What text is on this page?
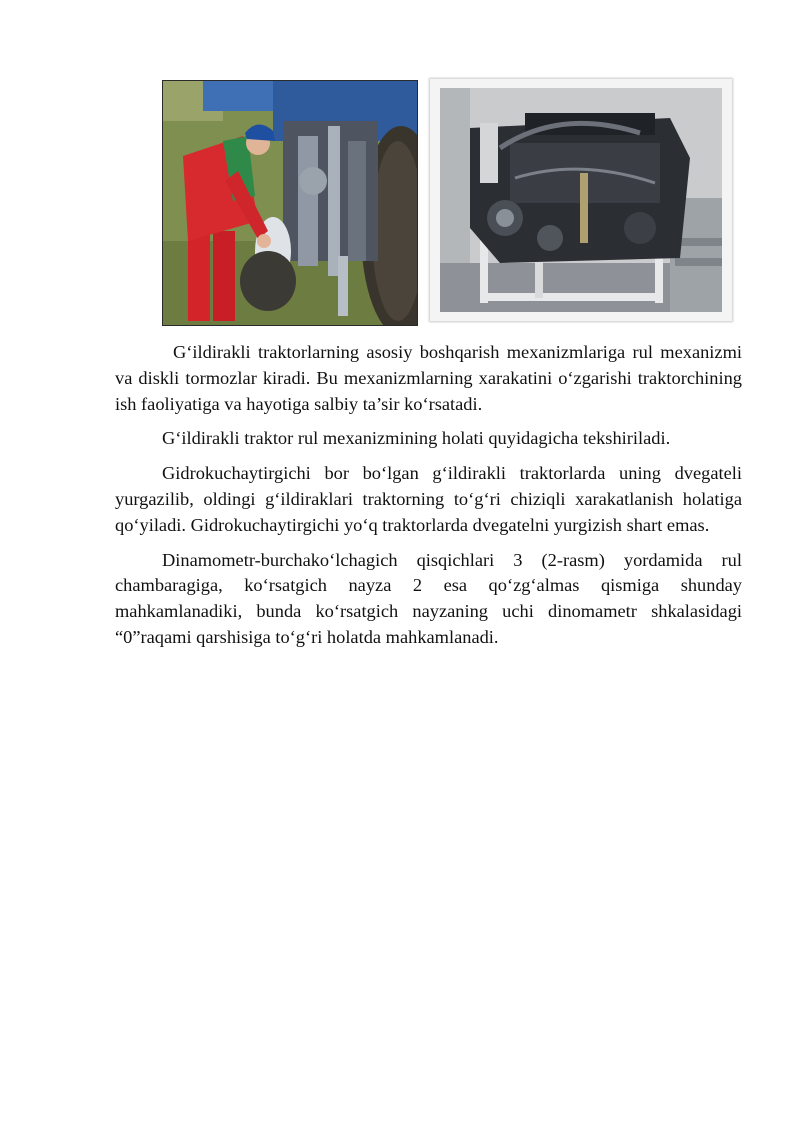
G‘ildirakli traktorlarning asosiy boshqarish mexanizmlariga rul mexanizmi va diskli tormozlar kiradi. Bu mexanizmlarning xarakatini o‘zgarishi traktorchining ish faoliyatiga va hayotiga salbiy ta’sir ko‘rsatadi.

G‘ildirakli traktor rul mexanizmining holati quyidagicha tekshiriladi.

Gidrokuchaytirgichi bor bo‘lgan g‘ildirakli traktorlarda uning dvegateli yurgazilib, oldingi g‘ildiraklari traktorning to‘g‘ri chiziqli xarakatlanish holatiga qo‘yiladi. Gidrokuchaytirgichi yo‘q traktorlarda dvegatelni yurgizish shart emas.

Dinamometr-burchako‘lchagich qisqichlari 3 (2-rasm) yordamida rul chambaragiga, ko‘rsatgich nayza 2 esa qo‘zg‘almas qismiga shunday mahkamlanadiki, bunda ko‘rsatgich nayzaning uchi dinomametr shkalasidagi “0”raqami qarshisiga to‘g‘ri holatda mahkamlanadi.
